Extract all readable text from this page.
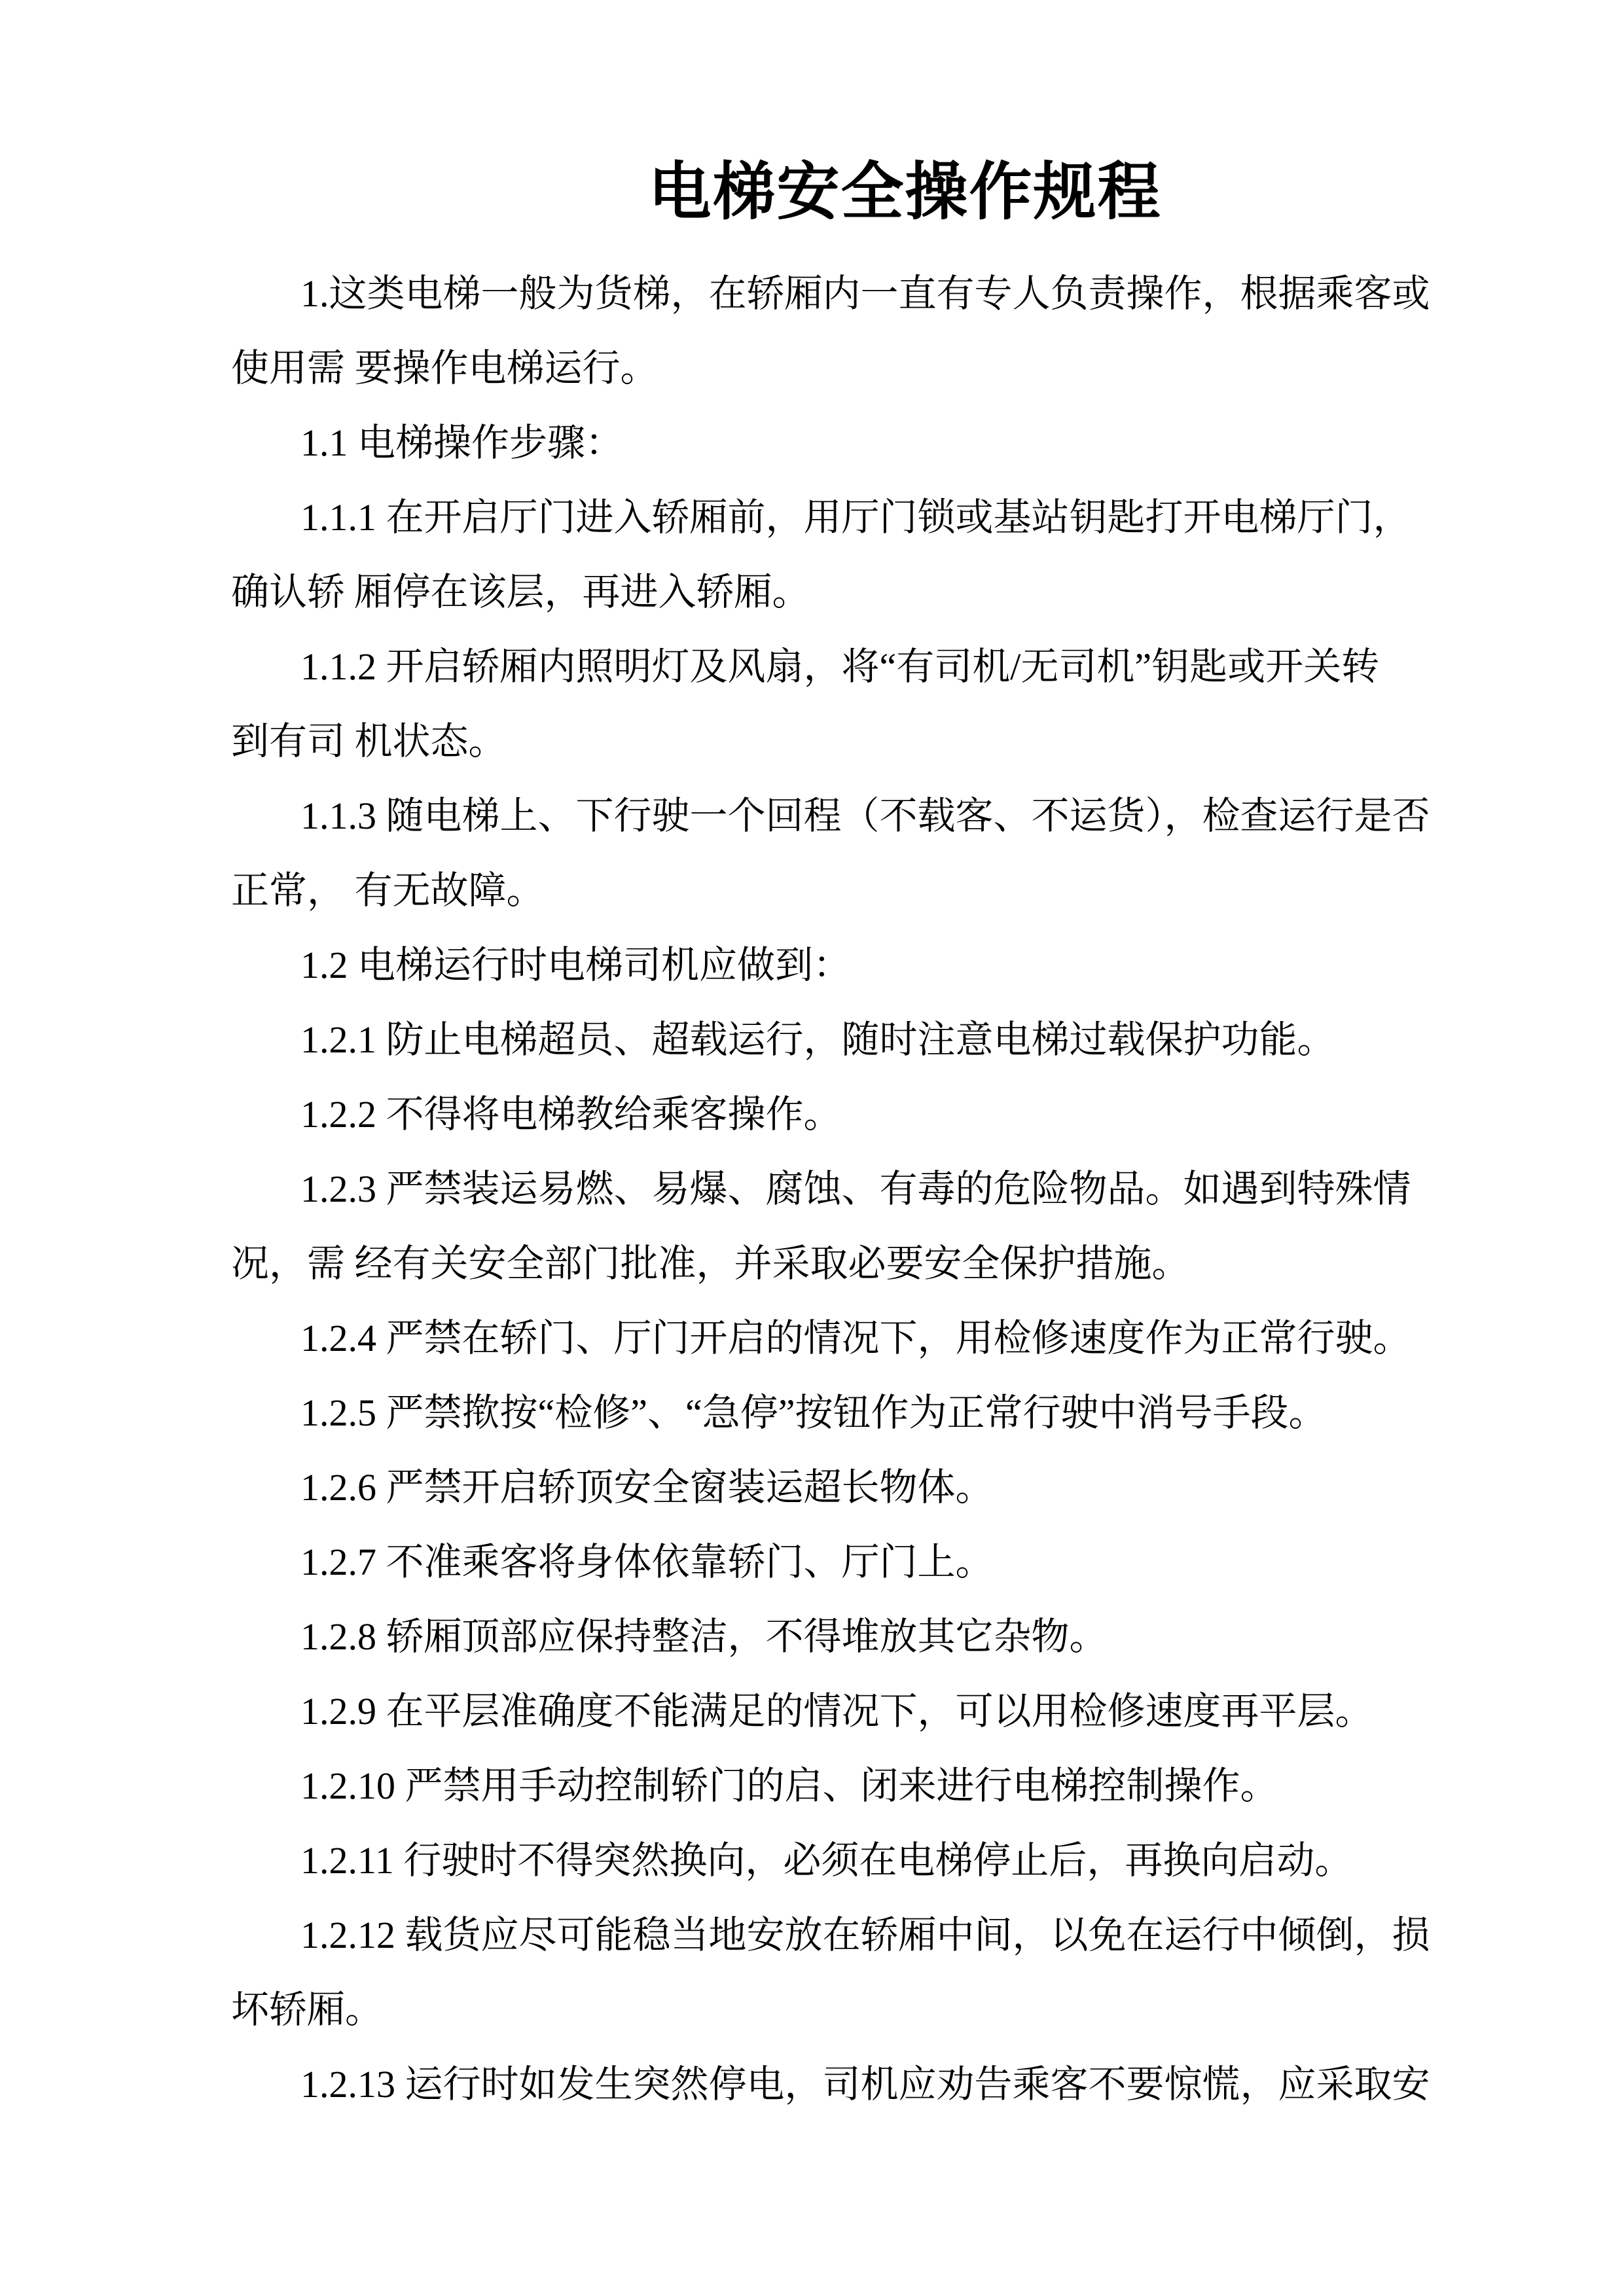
电梯安全操作规程
1.这类电梯一般为货梯，在轿厢内一直有专人负责操作，根据乘客或
使用需 要操作电梯运行。
1.1 电梯操作步骤：
1.1.1 在开启厅门进入轿厢前，用厅门锁或基站钥匙打开电梯厅门，
确认轿 厢停在该层，再进入轿厢。
1.1.2 开启轿厢内照明灯及风扇，将“有司机/无司机”钥匙或开关转
到有司 机状态。
1.1.3 随电梯上、下行驶一个回程（不载客、不运货），检查运行是否
正常， 有无故障。
1.2 电梯运行时电梯司机应做到：
1.2.1 防止电梯超员、超载运行，随时注意电梯过载保护功能。
1.2.2 不得将电梯教给乘客操作。
1.2.3 严禁装运易燃、易爆、腐蚀、有毒的危险物品。如遇到特殊情
况，需 经有关安全部门批准，并采取必要安全保护措施。
1.2.4 严禁在轿门、厅门开启的情况下，用检修速度作为正常行驶。
1.2.5 严禁揿按“检修”、“急停”按钮作为正常行驶中消号手段。
1.2.6 严禁开启轿顶安全窗装运超长物体。
1.2.7 不准乘客将身体依靠轿门、厅门上。
1.2.8 轿厢顶部应保持整洁，不得堆放其它杂物。
1.2.9 在平层准确度不能满足的情况下，可以用检修速度再平层。
1.2.10 严禁用手动控制轿门的启、闭来进行电梯控制操作。
1.2.11 行驶时不得突然换向，必须在电梯停止后，再换向启动。
1.2.12 载货应尽可能稳当地安放在轿厢中间，以免在运行中倾倒，损
坏轿厢。
1.2.13 运行时如发生突然停电，司机应劝告乘客不要惊慌，应采取安
